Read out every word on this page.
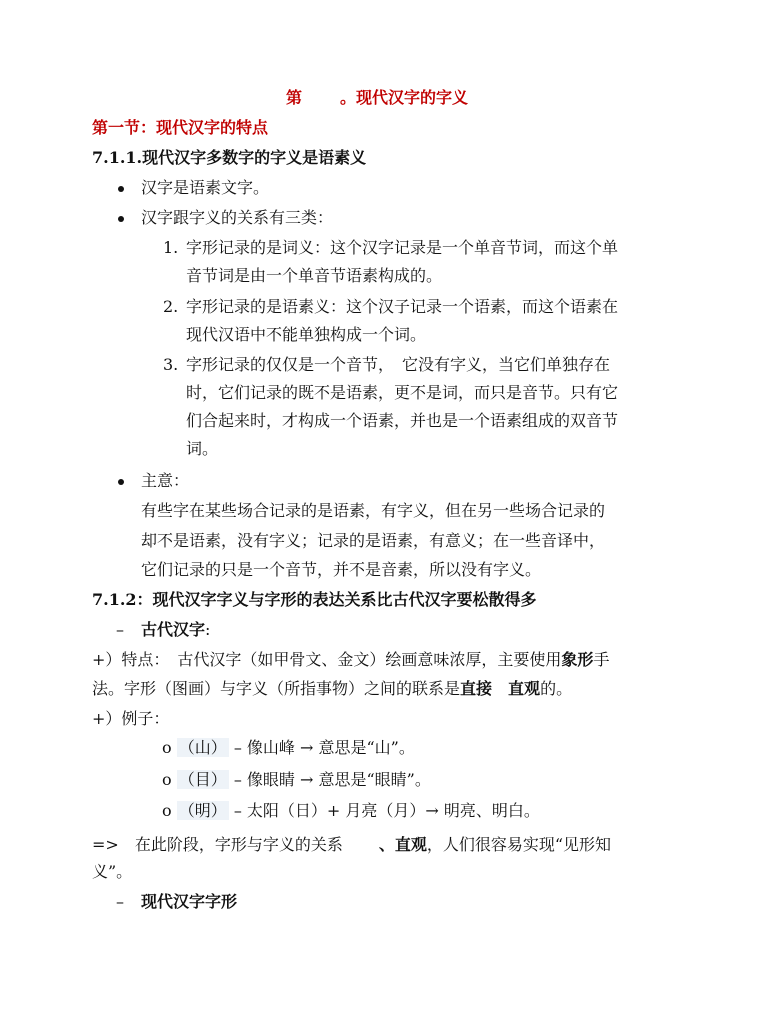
第 。现代汉字的字义
第一节：现代汉字的特点
7.1.1.现代汉字多数字的字义是语素义
汉字是语素文字。
汉字跟字义的关系有三类：
1. 字形记录的是词义：这个汉字记录是一个单音节词，而这个单
音节词是由一个单音节语素构成的。
2. 字形记录的是语素义：这个汉子记录一个语素，而这个语素在
现代汉语中不能单独构成一个词。
3. 字形记录的仅仅是一个音节，　它没有字义，当它们单独存在
时，它们记录的既不是语素，更不是词，而只是音节。只有它
们合起来时，才构成一个语素，并也是一个语素组成的双音节
词。
主意：
有些字在某些场合记录的是语素，有字义，但在另一些场合记录的
却不是语素，没有字义；记录的是语素，有意义；在一些音译中，
它们记录的只是一个音节，并不是音素，所以没有字义。
7.1.2：现代汉字字义与字形的表达关系比古代汉字要松散得多
– 古代汉字:
+）特点：　古代汉字（如甲骨文、金文）绘画意味浓厚，主要使用象形手
法。字形（图画）与字义（所指事物）之间的联系是直接　 直观的。
+）例子：
o （山） – 像山峰 → 意思是“山”。
o （目） – 像眼睛 → 意思是“眼睛”。
o （明） – 太阳（日）+ 月亮（月）→ 明亮、明白。
=> 在此阶段，字形与字义的关系 、直观，人们很容易实现“见形知
义”。
– 现代汉字字形
